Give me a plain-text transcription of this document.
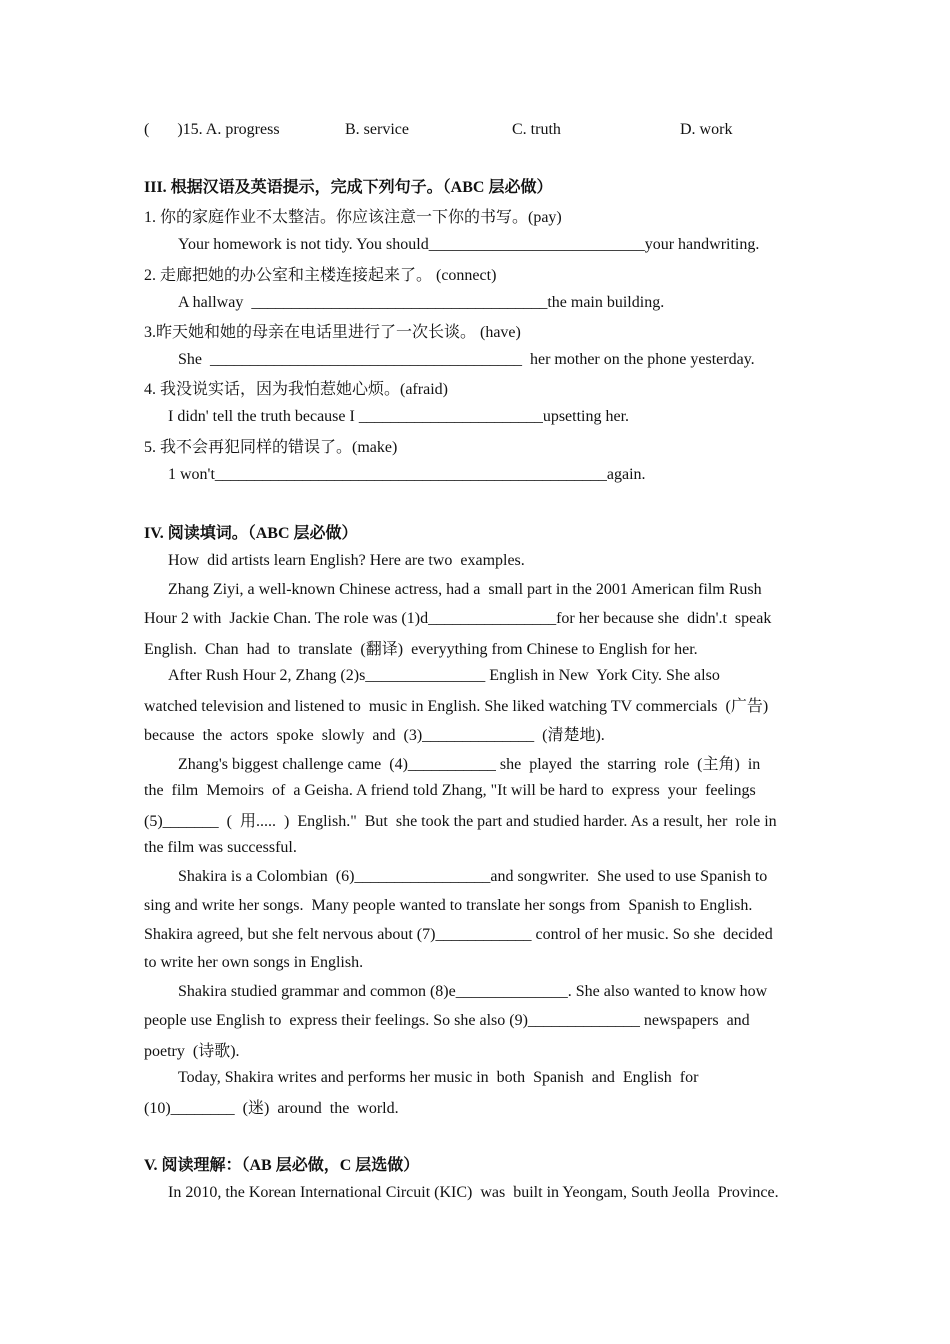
(       )15. A. progress	B. service	C. truth	D. work
III. 根据汉语及英语提示，完成下列句子。（ABC 层必做）
1. 你的家庭作业不太整洁。你应该注意一下你的书写。(pay)
Your homework is not tidy. You should___________________________your handwriting.
2. 走廊把她的办公室和主楼连接起来了。 (connect)
A hallway  _____________________________________the main building.
3.昨天她和她的母亲在电话里进行了一次长谈。 (have)
She  _______________________________________  her mother on the phone yesterday.
4. 我没说实话，因为我怕惹她心烦。(afraid)
I didn' tell the truth because I _______________________upsetting her.
5. 我不会再犯同样的错误了。(make)
1 won't_________________________________________________again.
IV. 阅读填词。（ABC 层必做）
How  did artists learn English? Here are two  examples.
Zhang Ziyi, a well-known Chinese actress, had a  small part in the 2001 American film Rush
Hour 2 with  Jackie Chan. The role was (1)d________________for her because she  didn'.t  speak
English.  Chan  had  to  translate  (翻译)  everyything from Chinese to English for her.
After Rush Hour 2, Zhang (2)s_______________ English in New  York City. She also
watched television and listened to  music in English. She liked watching TV commercials  (广告)
because  the  actors  spoke  slowly  and  (3)______________  (清楚地).
Zhang's biggest challenge came  (4)___________ she  played  the  starring  role  (主角)  in
the  film  Memoirs  of  a Geisha. A friend told Zhang, "It will be hard to  express  your  feelings
(5)_______  (  用.....  )  English."  But  she took the part and studied harder. As a result, her  role in
the film was successful.
Shakira is a Colombian  (6)_________________and songwriter.  She used to use Spanish to
sing and write her songs.  Many people wanted to translate her songs from  Spanish to English.
Shakira agreed, but she felt nervous about (7)____________ control of her music. So she  decided
to write her own songs in English.
Shakira studied grammar and common (8)e______________. She also wanted to know how
people use English to  express their feelings. So she also (9)______________ newspapers  and
poetry  (诗歌).
Today, Shakira writes and performs her music in  both  Spanish  and  English  for
(10)________  (迷)  around  the  world.
V. 阅读理解：（AB 层必做，C 层选做）
In 2010, the Korean International Circuit (KIC)  was  built in Yeongam, South Jeolla  Province.
